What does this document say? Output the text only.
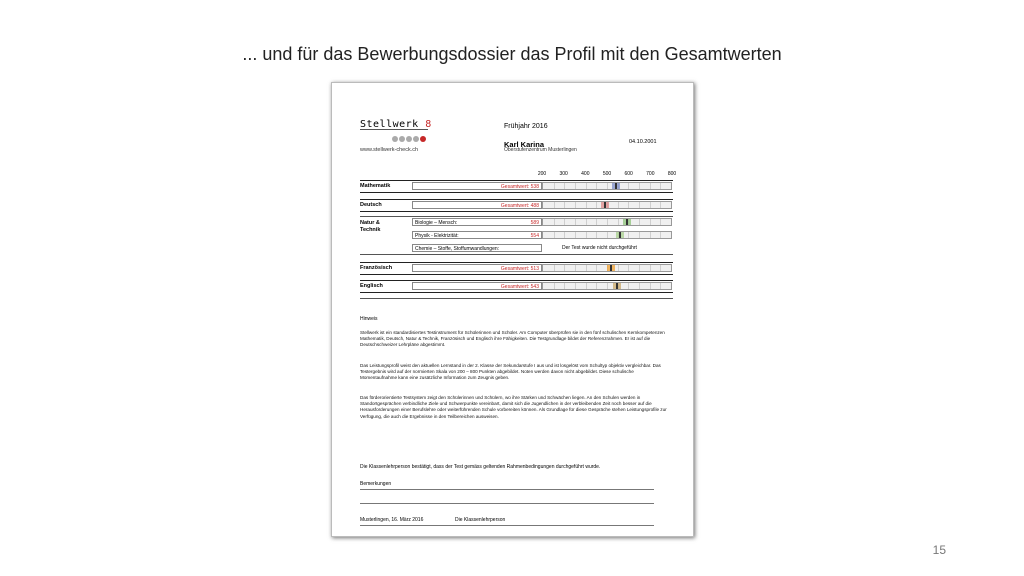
... und für das Bewerbungsdossier das Profil mit den Gesamtwerten
Stellwerk 8
www.stellwerk-check.ch
Frühjahr 2016
04.10.2001
Karl Karina
Oberstufenzentrum Musterlingen
200	300	400	500	600	700	800
Mathematik	Gesamtwert: 538
Deutsch	Gesamtwert: 488
Natur &
Technik
Biologie – Mensch:	589
Physik - Elektrizität:	554
Chemie – Stoffe, Stoffumwandlungen:	Der Test wurde nicht durchgeführt
Französisch	Gesamtwert: 513
Englisch	Gesamtwert: 543
Hinweis
Stellwerk ist ein standardisiertes Testinstrument für Schülerinnen und Schüler. Am Computer überprüfen sie in den fünf schulischen Kernkompetenzen Mathematik, Deutsch, Natur & Technik, Französisch und Englisch ihre Fähigkeiten. Die Testgrundlage bildet der Referenzrahmen. Er ist auf die Deutschschweizer Lehrpläne abgestimmt.
Das Leistungsprofil weist den aktuellen Lernstand in der 2. Klasse der Sekundarstufe I aus und ist losgelöst vom Schultyp objektiv vergleichbar. Das Testergebnis wird auf der normierten Skala von 200 – 800 Punkten abgebildet. Noten werden davon nicht abgebildet. Diese schulische Momentaufnahme kann eine zusätzliche Information zum Zeugnis geben.
Das förderorientierte Testsystem zeigt den Schülerinnen und Schülern, wo ihre Stärken und Schwächen liegen. An den Schulen werden in Standortgesprächen verbindliche Ziele und Schwerpunkte vereinbart, damit sich die Jugendlichen in der verbleibenden Zeit noch besser auf die Herausforderungen einer Berufslehre oder weiterführenden Schule vorbereiten können. Als Grundlage für diese Gespräche stehen Leistungsprofile zur Verfügung, die auch die Ergebnisse in den Teilbereichen ausweisen.
Die Klassenlehrperson bestätigt, dass der Test gemäss geltenden Rahmenbedingungen durchgeführt wurde.
Bemerkungen
Musterlingen, 16. März 2016	Die Klassenlehrperson
15
